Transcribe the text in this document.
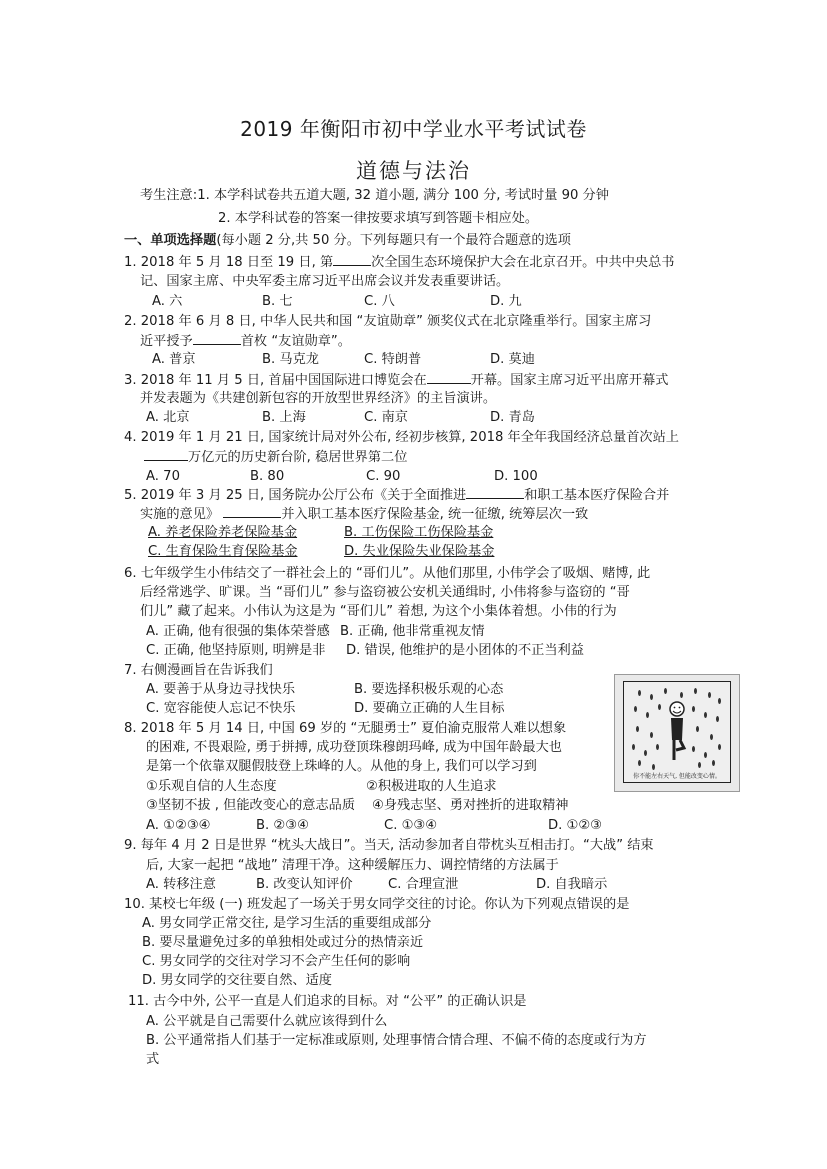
2019 年衡阳市初中学业水平考试试卷
道德与法治
考生注意:1. 本学科试卷共五道大题, 32 道小题, 满分 100 分, 考试时量 90 分钟
2. 本学科试卷的答案一律按要求填写到答题卡相应处。
一、单项选择题(每小题 2 分,共 50 分。下列每题只有一个最符合题意的选项
1. 2018 年 5 月 18 日至 19 日, 第	次全国生态环境保护大会在北京召开。中共中央总书
记、国家主席、中央军委主席习近平出席会议并发表重要讲话。
A. 六	B. 七	C. 八	D. 九
2. 2018 年 6 月 8 日, 中华人民共和国 “友谊勋章” 颁奖仪式在北京隆重举行。国家主席习
近平授予	首枚 “友谊勋章”。
A. 普京	B. 马克龙	C. 特朗普	D. 莫迪
3. 2018 年 11 月 5 日, 首届中国国际进口博览会在	开幕。国家主席习近平出席开幕式
并发表题为《共建创新包容的开放型世界经济》的主旨演讲。
A. 北京	B. 上海	C. 南京	D. 青岛
4. 2019 年 1 月 21 日, 国家统计局对外公布, 经初步核算, 2018 年全年我国经济总量首次站上
万亿元的历史新台阶, 稳居世界第二位
A. 70	B. 80	C. 90	D. 100
5. 2019 年 3 月 25 日, 国务院办公厅公布《关于全面推进	和职工基本医疗保险合并
实施的意见》	并入职工基本医疗保险基金, 统一征缴, 统筹层次一致
A. 养老保险养老保险基金	B. 工伤保险工伤保险基金
C. 生育保险生育保险基金	D. 失业保险失业保险基金
6. 七年级学生小伟结交了一群社会上的 “哥们儿”。从他们那里, 小伟学会了吸烟、赌博, 此
后经常逃学、旷课。当 “哥们儿” 参与盗窃被公安机关通缉时, 小伟将参与盗窃的 “哥
们儿” 藏了起来。小伟认为这是为 “哥们儿” 着想, 为这个小集体着想。小伟的行为
A. 正确, 他有很强的集体荣誉感 B. 正确, 他非常重视友情
C. 正确, 他坚持原则, 明辨是非 D. 错误, 他维护的是小团体的不正当利益
7. 右侧漫画旨在告诉我们
A. 要善于从身边寻找快乐	B. 要选择积极乐观的心态
C. 宽容能使人忘记不快乐	D. 要确立正确的人生目标
你不能左右天气, 但能改变心情。
8. 2018 年 5 月 14 日, 中国 69 岁的 “无腿勇士” 夏伯渝克服常人难以想象
的困难, 不畏艰险, 勇于拼搏, 成功登顶珠穆朗玛峰, 成为中国年龄最大也
是第一个依靠双腿假肢登上珠峰的人。从他的身上, 我们可以学习到
①乐观自信的人生态度	②积极进取的人生追求
③坚韧不拔 , 但能改变心的意志品质 ④身残志坚、勇对挫折的进取精神
A. ①②③④	B. ②③④	C. ①③④	D. ①②③
9. 每年 4 月 2 日是世界 “枕头大战日”。当天, 活动参加者自带枕头互相击打。“大战” 结束
后, 大家一起把 “战地” 清理干净。这种缓解压力、调控情绪的方法属于
A. 转移注意	B. 改变认知评价	C. 合理宣泄	D. 自我暗示
10. 某校七年级 (一) 班发起了一场关于男女同学交往的讨论。你认为下列观点错误的是
A. 男女同学正常交往, 是学习生活的重要组成部分
B. 要尽量避免过多的单独相处或过分的热情亲近
C. 男女同学的交往对学习不会产生任何的影响
D. 男女同学的交往要自然、适度
11. 古今中外, 公平一直是人们追求的目标。对 “公平” 的正确认识是
A. 公平就是自己需要什么就应该得到什么
B. 公平通常指人们基于一定标准或原则, 处理事情合情合理、不偏不倚的态度或行为方
式
